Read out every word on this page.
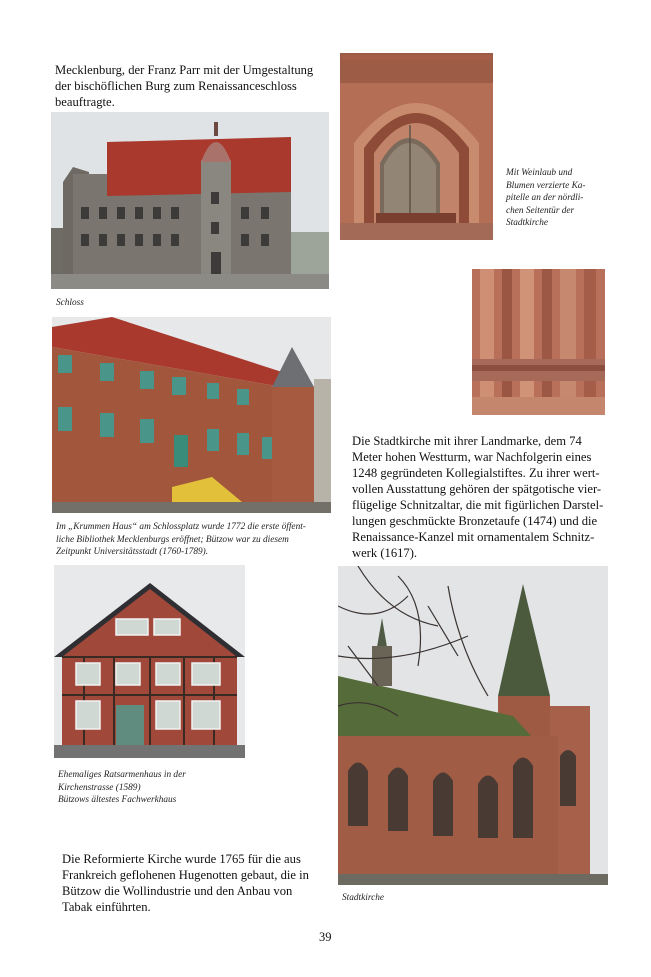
Mecklenburg, der Franz Parr mit der Umgestaltung
der bischöflichen Burg zum Renaissanceschloss
beauftragte.
Mit Weinlaub und
Blumen verzierte Ka-
pitelle an der nördli-
chen Seitentür der
Stadtkirche
Schloss
Im „Krummen Haus“ am Schlossplatz wurde 1772 die erste öffent-
liche Bibliothek Mecklenburgs eröffnet; Bützow war zu diesem
Zeitpunkt Universitätsstadt (1760-1789).
Die Stadtkirche mit ihrer Landmarke, dem 74
Meter hohen Westturm, war Nachfolgerin eines
1248 gegründeten Kollegialstiftes. Zu ihrer wert-
vollen Ausstattung gehören der spätgotische vier-
flügelige Schnitzaltar, die mit figürlichen Darstel-
lungen geschmückte Bronzetaufe (1474) und die
Renaissance-Kanzel mit ornamentalem Schnitz-
werk (1617).
Ehemaliges Ratsarmenhaus in der
Kirchenstrasse (1589)
Bützows ältestes Fachwerkhaus
Die Reformierte Kirche wurde 1765 für die aus
Frankreich geflohenen Hugenotten gebaut, die in
Bützow die Wollindustrie und den Anbau von
Tabak einführten.
Stadtkirche
39
